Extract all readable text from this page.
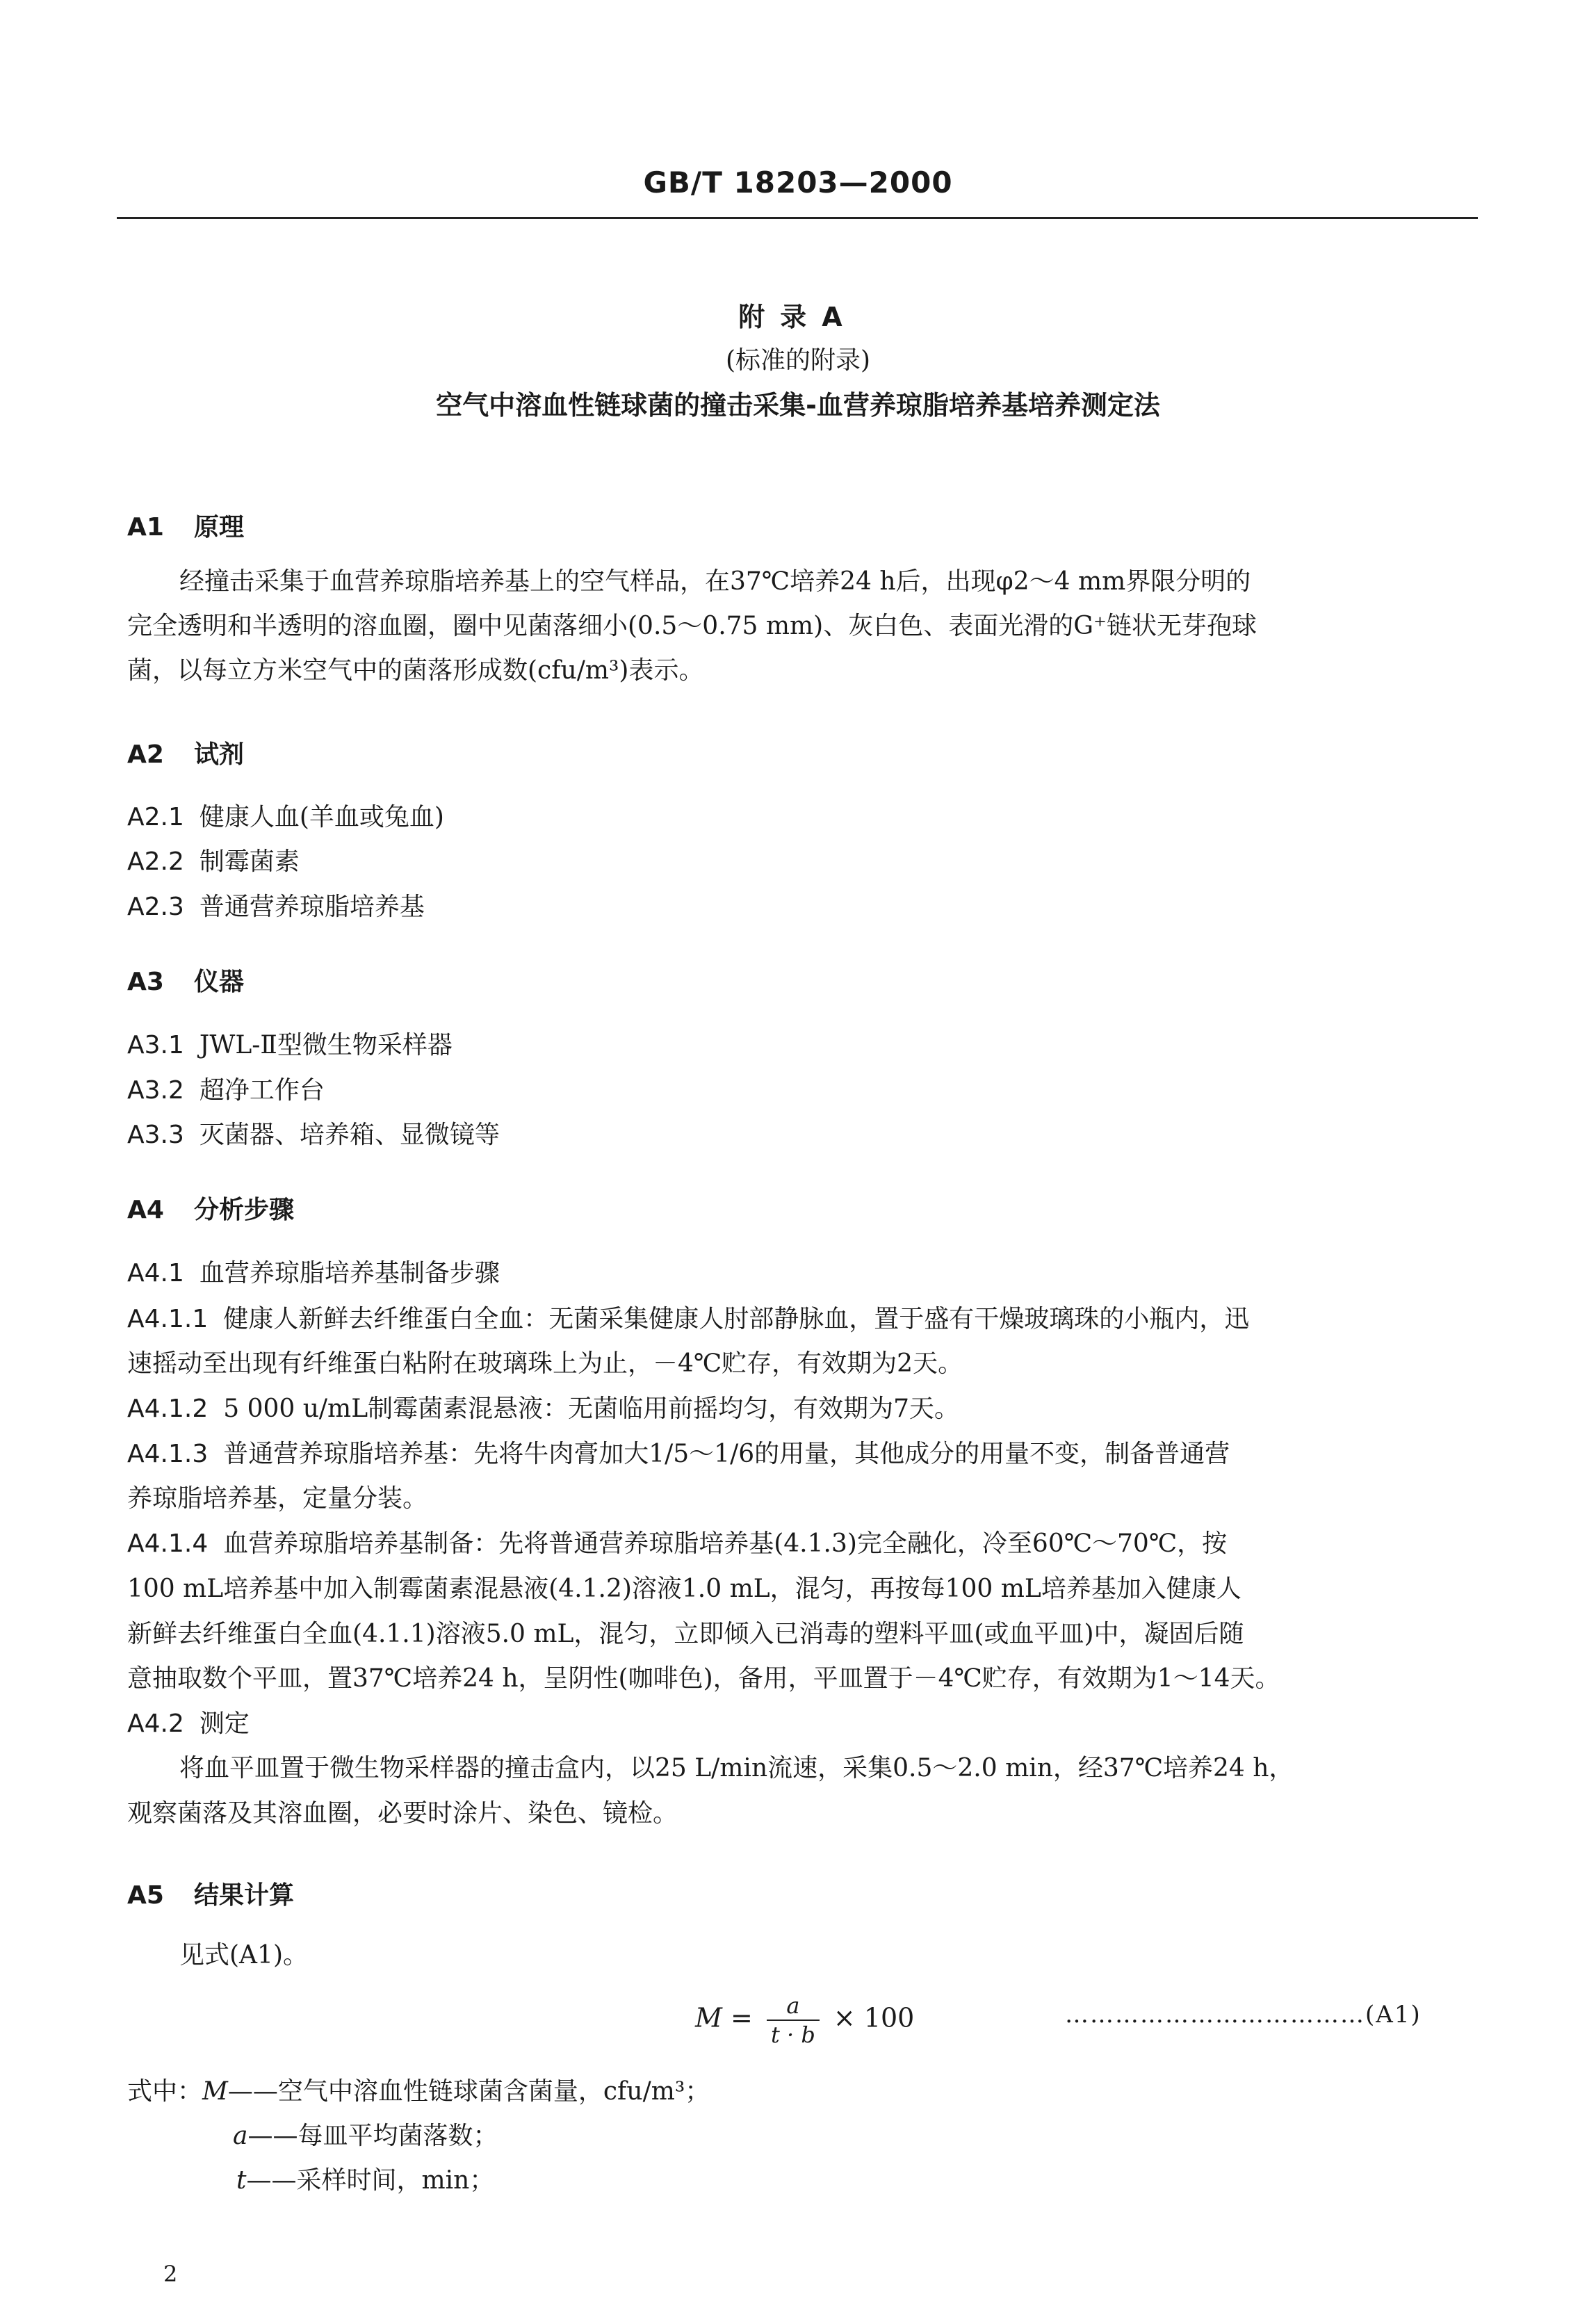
GB/T 18203—2000
附录A
(标准的附录)
空气中溶血性链球菌的撞击采集-血营养琼脂培养基培养测定法
A1 原理
经撞击采集于血营养琼脂培养基上的空气样品，在37℃培养24 h后，出现φ2～4 mm界限分明的
完全透明和半透明的溶血圈，圈中见菌落细小(0.5～0.75 mm)、灰白色、表面光滑的G⁺链状无芽孢球
菌，以每立方米空气中的菌落形成数(cfu/m³)表示。
A2 试剂
A2.1 健康人血(羊血或兔血)
A2.2 制霉菌素
A2.3 普通营养琼脂培养基
A3 仪器
A3.1 JWL-Ⅱ型微生物采样器
A3.2 超净工作台
A3.3 灭菌器、培养箱、显微镜等
A4 分析步骤
A4.1 血营养琼脂培养基制备步骤
A4.1.1 健康人新鲜去纤维蛋白全血：无菌采集健康人肘部静脉血，置于盛有干燥玻璃珠的小瓶内，迅
速摇动至出现有纤维蛋白粘附在玻璃珠上为止，－4℃贮存，有效期为2天。
A4.1.2 5 000 u/mL制霉菌素混悬液：无菌临用前摇均匀，有效期为7天。
A4.1.3 普通营养琼脂培养基：先将牛肉膏加大1/5～1/6的用量，其他成分的用量不变，制备普通营
养琼脂培养基，定量分装。
A4.1.4 血营养琼脂培养基制备：先将普通营养琼脂培养基(4.1.3)完全融化，冷至60℃～70℃，按
100 mL培养基中加入制霉菌素混悬液(4.1.2)溶液1.0 mL，混匀，再按每100 mL培养基加入健康人
新鲜去纤维蛋白全血(4.1.1)溶液5.0 mL，混匀，立即倾入已消毒的塑料平皿(或血平皿)中，凝固后随
意抽取数个平皿，置37℃培养24 h，呈阴性(咖啡色)，备用，平皿置于－4℃贮存，有效期为1～14天。
A4.2 测定
将血平皿置于微生物采样器的撞击盒内，以25 L/min流速，采集0.5～2.0 min，经37℃培养24 h，
观察菌落及其溶血圈，必要时涂片、染色、镜检。
A5 结果计算
见式(A1)。
$M = \frac{a}{t \cdot b} \times 100$	………………………………(A1)
式中：M——空气中溶血性链球菌含菌量，cfu/m³；
a——每皿平均菌落数；
t——采样时间，min；
2
